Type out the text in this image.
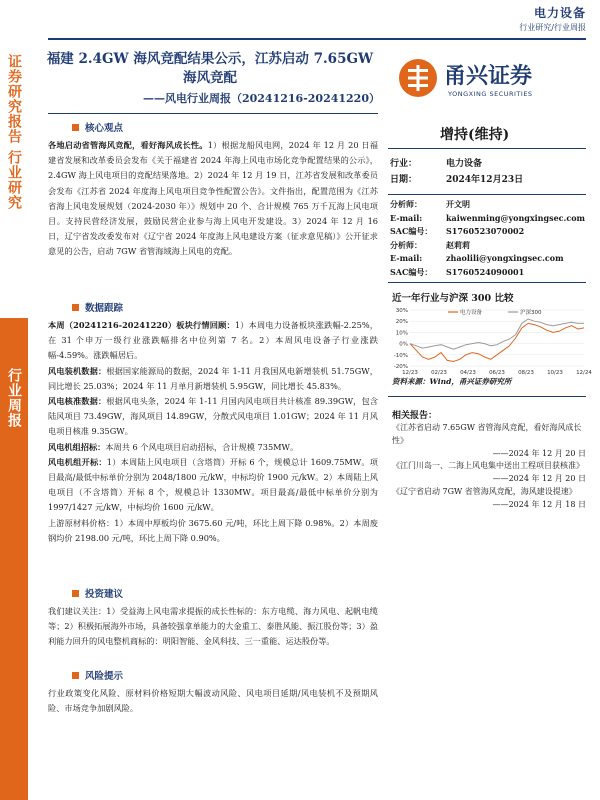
电力设备
行业研究/行业周报
证券研究报告
行业研究
行业周报
福建 2.4GW 海风竞配结果公示，江苏启动 7.65GW
海风竞配
——风电行业周报（20241216-20241220）
甬兴证券
YONGXING SECURITIES
核心观点

各地启动省管海风竞配，看好海风成长性。1）根据龙船风电网，2024 年 12 月 20 日福建省发展和改革委员会发布《关于福建省 2024 年海上风电市场化竞争配置结果的公示》，2.4GW 海上风电项目的竞配结果落地。2）2024 年 12 月 19 日，江苏省发展和改革委员会发布《江苏省 2024 年度海上风电项目竞争性配置公告》。文件指出，配置范围为《江苏省海上风电发展规划（2024-2030 年）》规划中 20 个、合计规模 765 万千瓦海上风电项目。支持民营经济发展，鼓励民营企业参与海上风电开发建设。3）2024 年 12 月 16 日，辽宁省发改委发布对《辽宁省 2024 年度海上风电建设方案（征求意见稿）》公开征求意见的公告，启动 7GW 省管海域海上风电的竞配。

数据跟踪

本周（20241216-20241220）板块行情回顾：1）本周电力设备板块涨跌幅-2.25%，在 31 个申万一级行业涨跌幅排名中位列第 7 名。2）本周风电设备子行业涨跌幅-4.59%。涨跌幅居后。

风电装机数据：根据国家能源局的数据，2024 年 1-11 月我国风电新增装机 51.75GW，同比增长 25.03%；2024 年 11 月单月新增装机 5.95GW，同比增长 45.83%。

风电核准数据：根据风电头条，2024 年 1-11 月国内风电项目共计核准 89.39GW，包含陆风项目 73.49GW，海风项目 14.89GW，分散式风电项目 1.01GW；2024 年 11 月风电项目核准 9.35GW。

风电机组招标：本周共 6 个风电项目启动招标，合计规模 735MW。

风电机组开标：1）本周陆上风电项目（含塔筒）开标 6 个，规模总计 1609.75MW。项目最高/最低中标单价分别为 2048/1800 元/kW，中标均价 1900 元/kW。2）本周陆上风电项目（不含塔筒）开标 8 个，规模总计 1330MW。项目最高/最低中标单价分别为 1997/1427 元/kW，中标均价 1600 元/kW。

上游原材料价格：1）本周中厚板均价 3675.60 元/吨，环比上周下降 0.98%。2）本周废钢均价 2198.00 元/吨，环比上周下降 0.90%。

投资建议

我们建议关注：1）受益海上风电需求提振的成长性标的：东方电缆、海力风电、起帆电缆等；2）积极拓展海外市场，具备较强拿单能力的大金重工、泰胜风能、振江股份等；3）盈利能力回升的风电整机商标的：明阳智能、金风科技、三一重能、运达股份等。

风险提示

行业政策变化风险、原材料价格短期大幅波动风险、风电项目延期/风电装机不及预期风险、市场竞争加剧风险。

增持(维持)
行业：	电力设备
日期：	2024年12月23日
分析师：	开文明
E-mail:	kaiwenming@yongxingsec.com
SAC编号： S1760523070002
分析师：	赵莉莉
E-mail:	zhaolili@yongxingsec.com
SAC编号： S1760524090001
近一年行业与沪深 300 比较
30%
20%
10%
0%
-10%
-20%
12/23 02/23 04/23 06/23 08/23 10/23 12/24
电力设备	沪深300
资料来源：Wind，甬兴证券研究所
相关报告：
《江苏省启动 7.65GW 省管海风竞配，看好海风成长性》
——2024 年 12 月 20 日
《江门川岛一、二海上风电集中送出工程项目获核准》
——2024 年 12 月 20 日
《辽宁省启动 7GW 省管海风竞配，海风建设提速》
——2024 年 12 月 18 日
